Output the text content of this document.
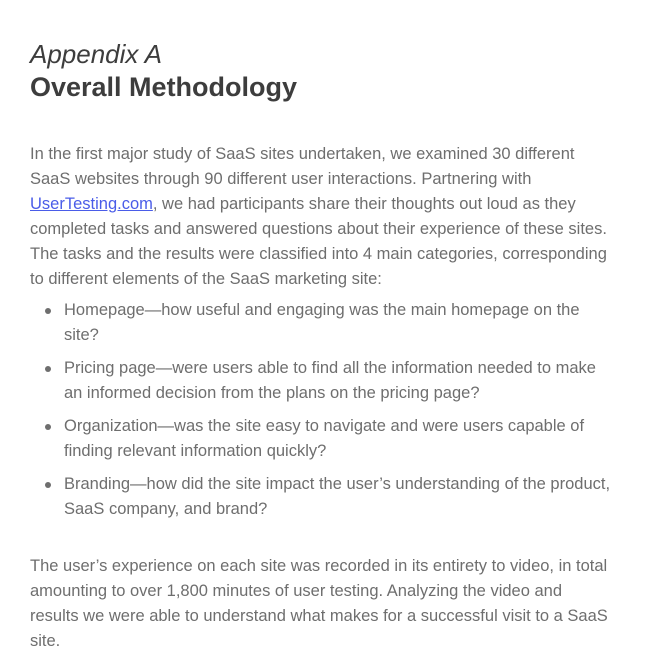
Appendix A
Overall Methodology

In the first major study of SaaS sites undertaken, we examined 30 different SaaS websites through 90 different user interactions. Partnering with UserTesting.com, we had participants share their thoughts out loud as they completed tasks and answered questions about their experience of these sites. The tasks and the results were classified into 4 main categories, corresponding to different elements of the SaaS marketing site:

Homepage—how useful and engaging was the main homepage on the site?
Pricing page—were users able to find all the information needed to make an informed decision from the plans on the pricing page?
Organization—was the site easy to navigate and were users capable of finding relevant information quickly?
Branding—how did the site impact the user’s understanding of the product, SaaS company, and brand?

The user’s experience on each site was recorded in its entirety to video, in total amounting to over 1,800 minutes of user testing. Analyzing the video and results we were able to understand what makes for a successful visit to a SaaS site.
